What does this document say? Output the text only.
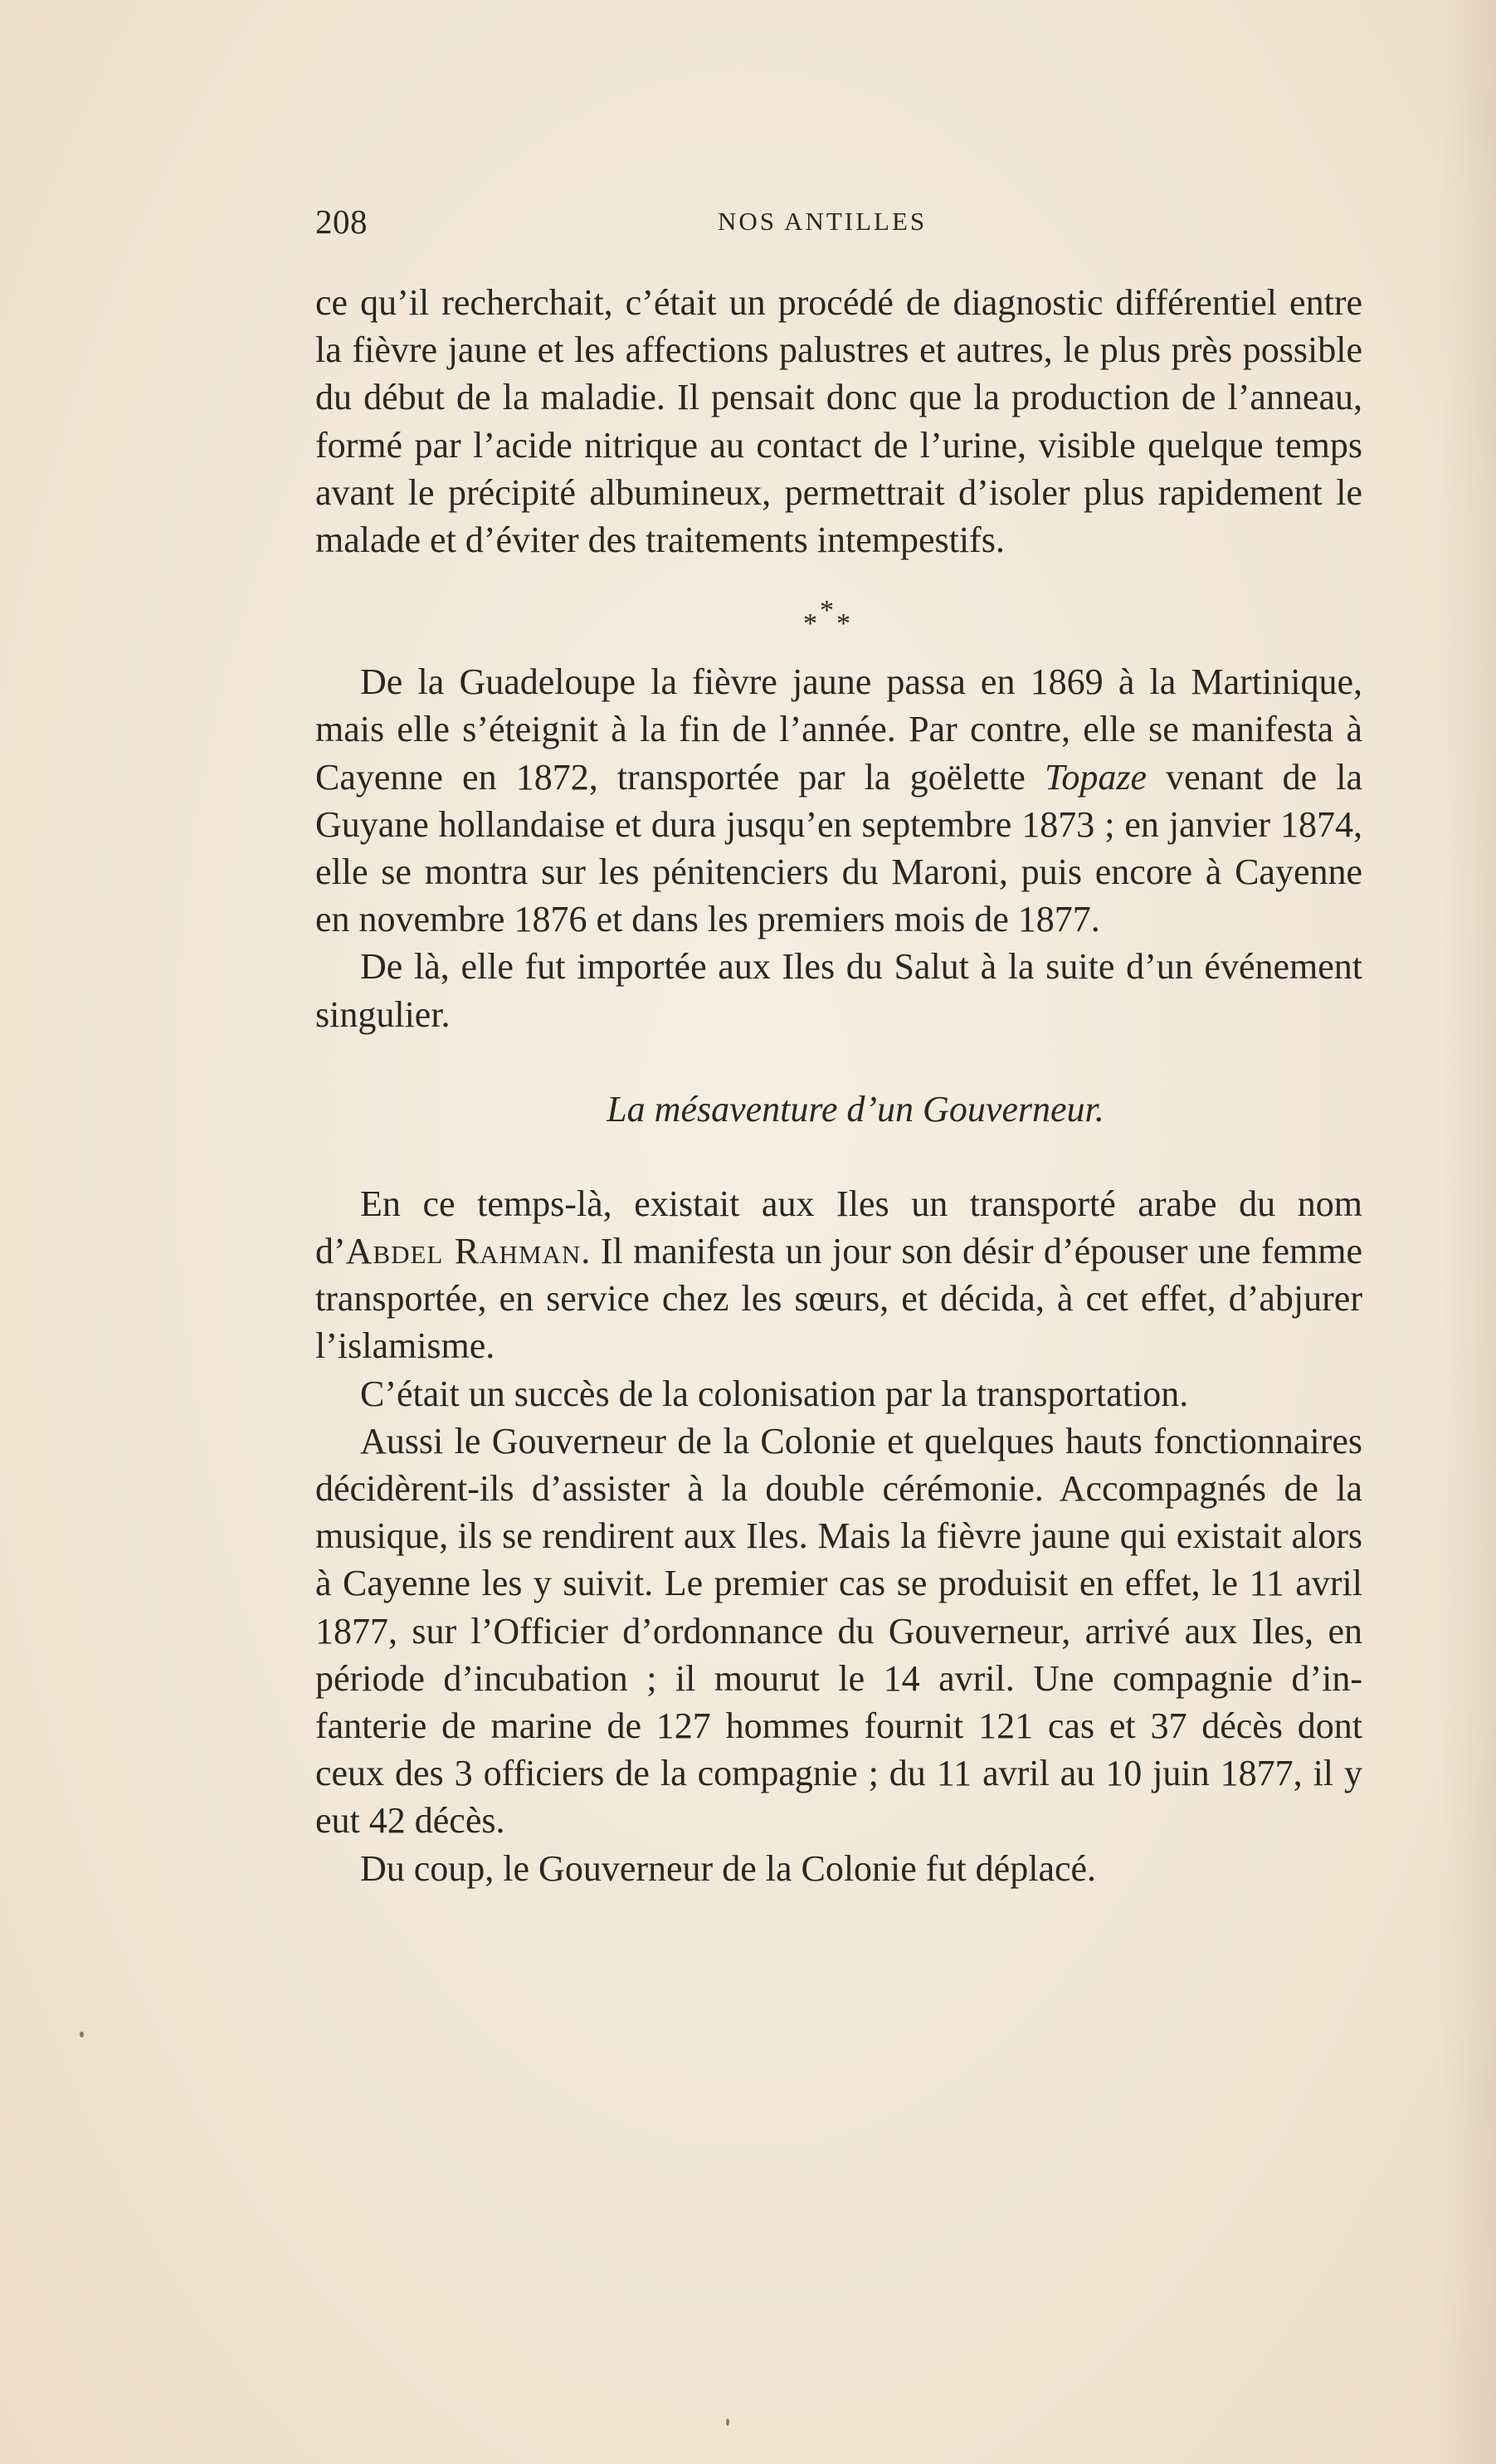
208	NOS ANTILLES

ce qu’il recherchait, c’était un procédé de diagnostic différentiel entre la fièvre jaune et les affections palustres et autres, le plus près possible du début de la maladie. Il pensait donc que la production de l’anneau, formé par l’acide nitrique au contact de l’urine, visible quelque temps avant le précipité albumineux, permettrait d’isoler plus rapidement le malade et d’éviter des traitements intempestifs.

*
* *

De la Guadeloupe la fièvre jaune passa en 1869 à la Martinique, mais elle s’éteignit à la fin de l’année. Par contre, elle se manifesta à Cayenne en 1872, transportée par la goëlette Topaze venant de la Guyane hollandaise et dura jusqu’en septembre 1873 ; en janvier 1874, elle se montra sur les pénitenciers du Maroni, puis encore à Cayenne en novembre 1876 et dans les premiers mois de 1877.

De là, elle fut importée aux Iles du Salut à la suite d’un événement singulier.

La mésaventure d’un Gouverneur.

En ce temps-là, existait aux Iles un transporté arabe du nom d’Abdel Rahman. Il manifesta un jour son désir d’épouser une femme transportée, en service chez les sœurs, et décida, à cet effet, d’abjurer l’islamisme.

C’était un succès de la colonisation par la transportation.

Aussi le Gouverneur de la Colonie et quelques hauts fonctionnaires décidèrent-ils d’assister à la double cérémonie. Accompagnés de la musique, ils se rendirent aux Iles. Mais la fièvre jaune qui existait alors à Cayenne les y suivit. Le premier cas se produisit en effet, le 11 avril 1877, sur l’Officier d’ordonnance du Gouverneur, arrivé aux Iles, en période d’incubation ; il mourut le 14 avril. Une compagnie d’infanterie de marine de 127 hommes fournit 121 cas et 37 décès dont ceux des 3 officiers de la compagnie ; du 11 avril au 10 juin 1877, il y eut 42 décès.

Du coup, le Gouverneur de la Colonie fut déplacé.
